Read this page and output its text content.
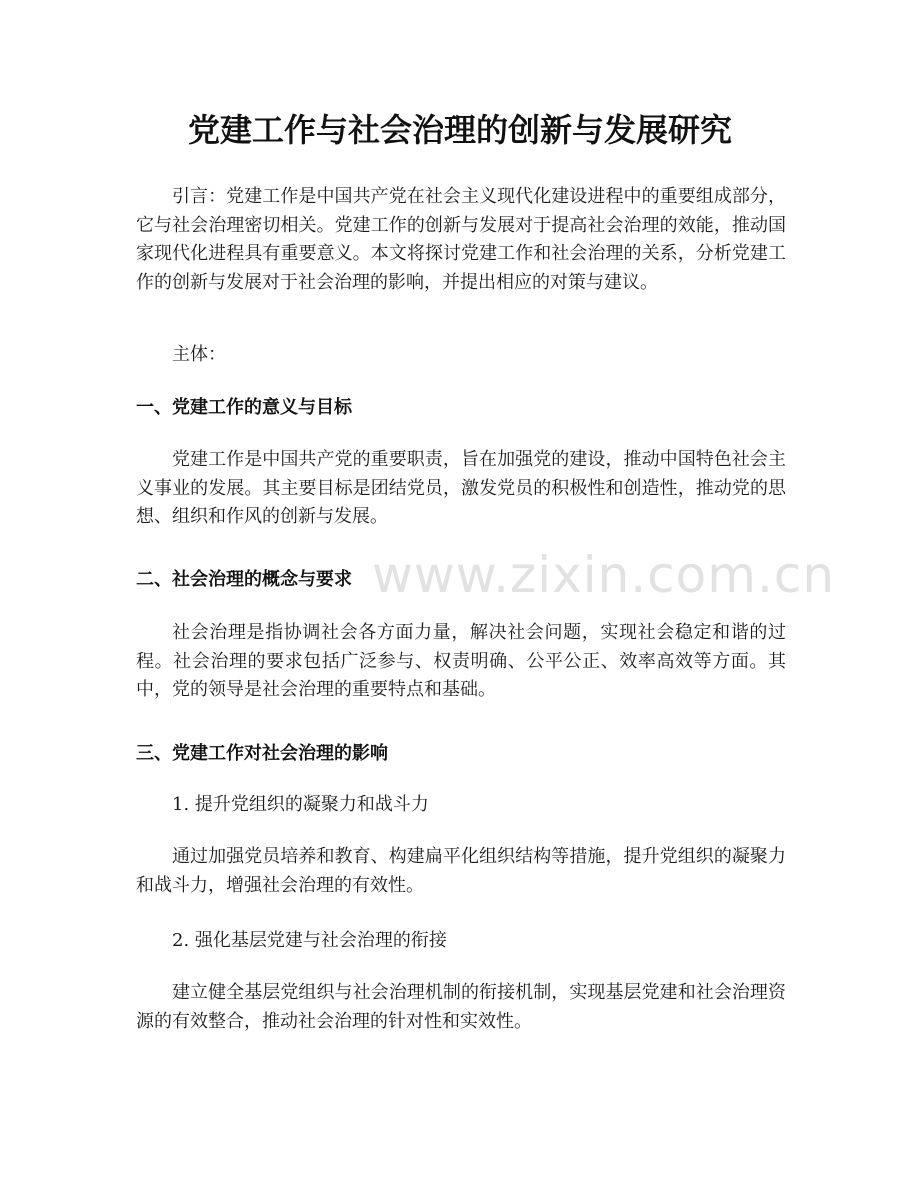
党建工作与社会治理的创新与发展研究

引言：党建工作是中国共产党在社会主义现代化建设进程中的重要组成部分，它与社会治理密切相关。党建工作的创新与发展对于提高社会治理的效能，推动国家现代化进程具有重要意义。本文将探讨党建工作和社会治理的关系，分析党建工作的创新与发展对于社会治理的影响，并提出相应的对策与建议。

主体：

一、党建工作的意义与目标

党建工作是中国共产党的重要职责，旨在加强党的建设，推动中国特色社会主义事业的发展。其主要目标是团结党员，激发党员的积极性和创造性，推动党的思想、组织和作风的创新与发展。

二、社会治理的概念与要求

社会治理是指协调社会各方面力量，解决社会问题，实现社会稳定和谐的过程。社会治理的要求包括广泛参与、权责明确、公平公正、效率高效等方面。其中，党的领导是社会治理的重要特点和基础。

三、党建工作对社会治理的影响

1. 提升党组织的凝聚力和战斗力

通过加强党员培养和教育、构建扁平化组织结构等措施，提升党组织的凝聚力和战斗力，增强社会治理的有效性。

2. 强化基层党建与社会治理的衔接

建立健全基层党组织与社会治理机制的衔接机制，实现基层党建和社会治理资源的有效整合，推动社会治理的针对性和实效性。

www.zixin.com.cn
